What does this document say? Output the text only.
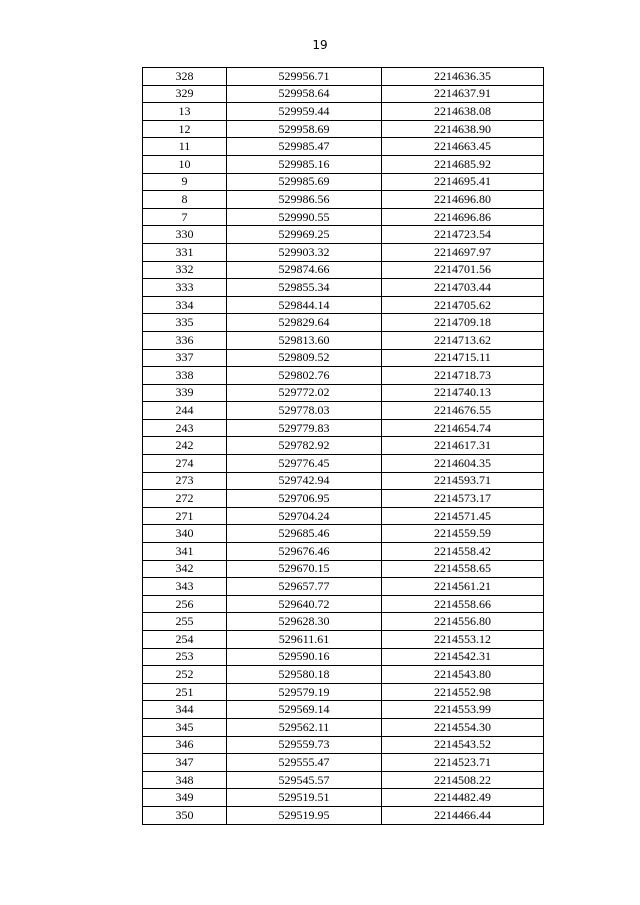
19
328	529956.71	2214636.35
329	529958.64	2214637.91
13	529959.44	2214638.08
12	529958.69	2214638.90
11	529985.47	2214663.45
10	529985.16	2214685.92
9	529985.69	2214695.41
8	529986.56	2214696.80
7	529990.55	2214696.86
330	529969.25	2214723.54
331	529903.32	2214697.97
332	529874.66	2214701.56
333	529855.34	2214703.44
334	529844.14	2214705.62
335	529829.64	2214709.18
336	529813.60	2214713.62
337	529809.52	2214715.11
338	529802.76	2214718.73
339	529772.02	2214740.13
244	529778.03	2214676.55
243	529779.83	2214654.74
242	529782.92	2214617.31
274	529776.45	2214604.35
273	529742.94	2214593.71
272	529706.95	2214573.17
271	529704.24	2214571.45
340	529685.46	2214559.59
341	529676.46	2214558.42
342	529670.15	2214558.65
343	529657.77	2214561.21
256	529640.72	2214558.66
255	529628.30	2214556.80
254	529611.61	2214553.12
253	529590.16	2214542.31
252	529580.18	2214543.80
251	529579.19	2214552.98
344	529569.14	2214553.99
345	529562.11	2214554.30
346	529559.73	2214543.52
347	529555.47	2214523.71
348	529545.57	2214508.22
349	529519.51	2214482.49
350	529519.95	2214466.44
